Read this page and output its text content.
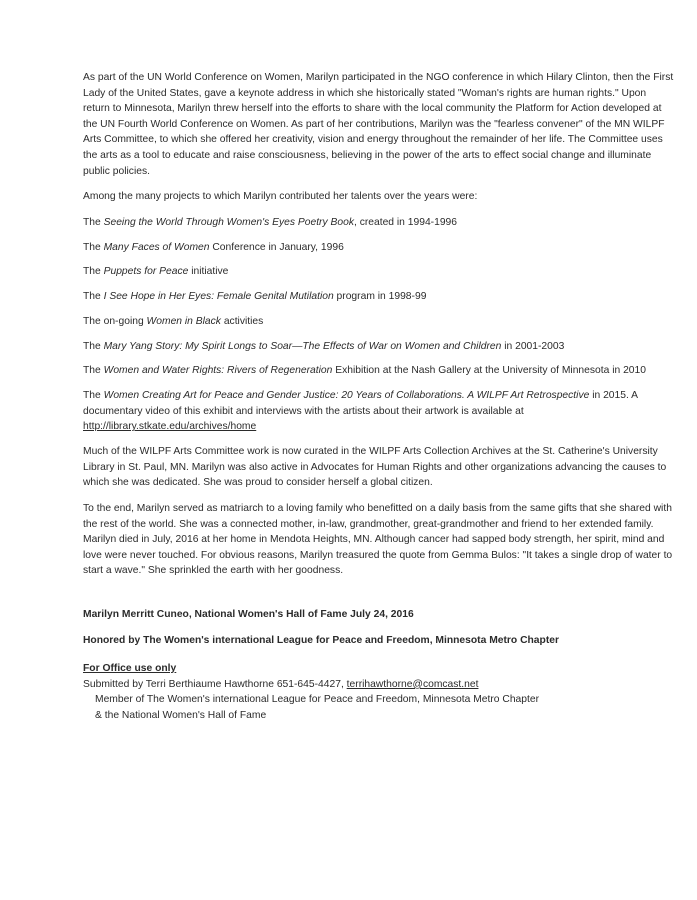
As part of the UN World Conference on Women, Marilyn participated in the NGO conference in which Hilary Clinton, then the First Lady of the United States, gave a keynote address in which she historically stated "Woman's rights are human rights." Upon return to Minnesota, Marilyn threw herself into the efforts to share with the local community the Platform for Action developed at the UN Fourth World Conference on Women. As part of her contributions, Marilyn was the "fearless convener" of the MN WILPF Arts Committee, to which she offered her creativity, vision and energy throughout the remainder of her life. The Committee uses the arts as a tool to educate and raise consciousness, believing in the power of the arts to effect social change and illuminate public policies.

Among the many projects to which Marilyn contributed her talents over the years were:

The Seeing the World Through Women's Eyes Poetry Book, created in 1994-1996

The Many Faces of Women Conference in January, 1996

The Puppets for Peace initiative

The I See Hope in Her Eyes: Female Genital Mutilation program in 1998-99

The on-going Women in Black activities

The Mary Yang Story: My Spirit Longs to Soar—The Effects of War on Women and Children in 2001-2003

The Women and Water Rights: Rivers of Regeneration Exhibition at the Nash Gallery at the University of Minnesota in 2010

The Women Creating Art for Peace and Gender Justice: 20 Years of Collaborations. A WILPF Art Retrospective in 2015. A documentary video of this exhibit and interviews with the artists about their artwork is available at http://library.stkate.edu/archives/home

Much of the WILPF Arts Committee work is now curated in the WILPF Arts Collection Archives at the St. Catherine's University Library in St. Paul, MN. Marilyn was also active in Advocates for Human Rights and other organizations advancing the causes to which she was dedicated. She was proud to consider herself a global citizen.

To the end, Marilyn served as matriarch to a loving family who benefitted on a daily basis from the same gifts that she shared with the rest of the world. She was a connected mother, in-law, grandmother, great-grandmother and friend to her extended family. Marilyn died in July, 2016 at her home in Mendota Heights, MN. Although cancer had sapped body strength, her spirit, mind and love were never touched. For obvious reasons, Marilyn treasured the quote from Gemma Bulos: "It takes a single drop of water to start a wave." She sprinkled the earth with her goodness.

Marilyn Merritt Cuneo, National Women's Hall of Fame July 24, 2016

Honored by The Women's international League for Peace and Freedom, Minnesota Metro Chapter

For Office use only
Submitted by Terri Berthiaume Hawthorne 651-645-4427, terrihawthorne@comcast.net
Member of The Women's international League for Peace and Freedom, Minnesota Metro Chapter
& the National Women's Hall of Fame
